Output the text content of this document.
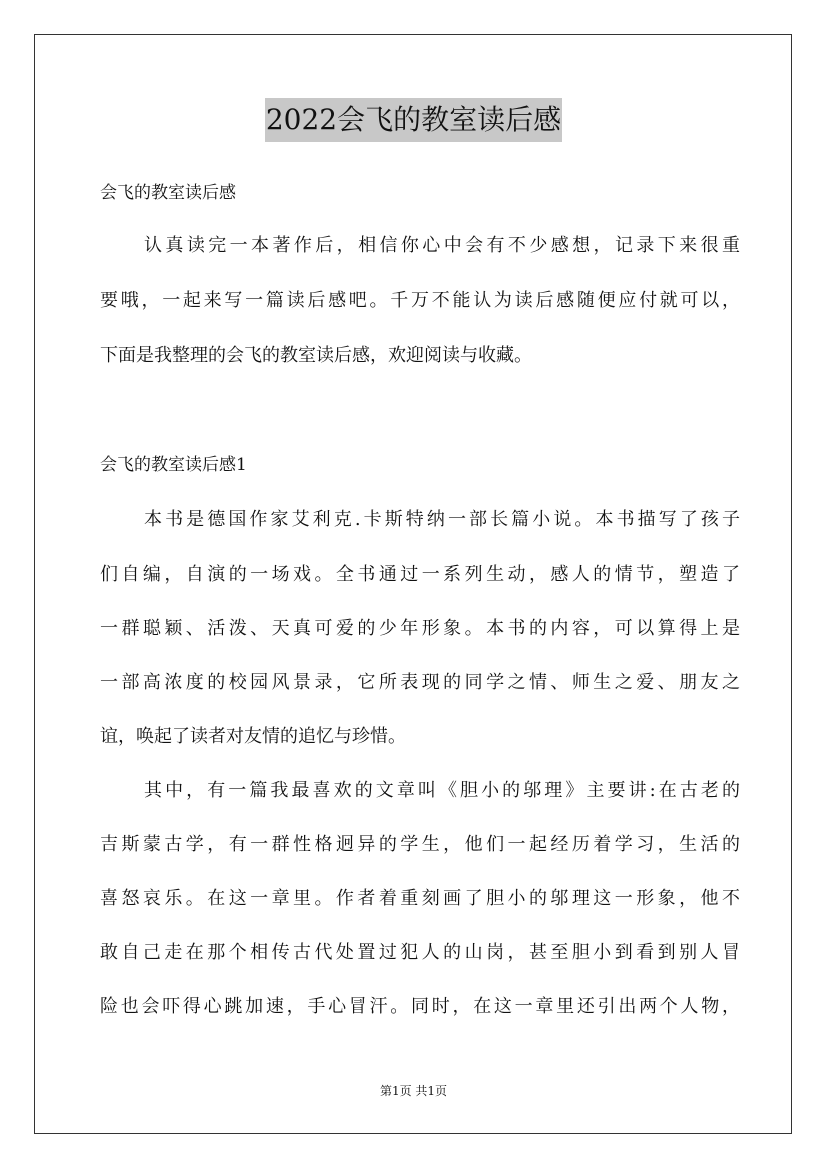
2022会飞的教室读后感
会飞的教室读后感
认真读完一本著作后，相信你心中会有不少感想，记录下来很重
要哦，一起来写一篇读后感吧。千万不能认为读后感随便应付就可以，
下面是我整理的会飞的教室读后感，欢迎阅读与收藏。
会飞的教室读后感1
本书是德国作家艾利克.卡斯特纳一部长篇小说。本书描写了孩子
们自编，自演的一场戏。全书通过一系列生动，感人的情节，塑造了
一群聪颖、活泼、天真可爱的少年形象。本书的内容，可以算得上是
一部高浓度的校园风景录，它所表现的同学之情、师生之爱、朋友之
谊，唤起了读者对友情的追忆与珍惜。
其中，有一篇我最喜欢的文章叫《胆小的邬理》主要讲:在古老的
吉斯蒙古学，有一群性格迥异的学生，他们一起经历着学习，生活的
喜怒哀乐。在这一章里。作者着重刻画了胆小的邬理这一形象，他不
敢自己走在那个相传古代处置过犯人的山岗，甚至胆小到看到别人冒
险也会吓得心跳加速，手心冒汗。同时，在这一章里还引出两个人物，
第1页 共1页
